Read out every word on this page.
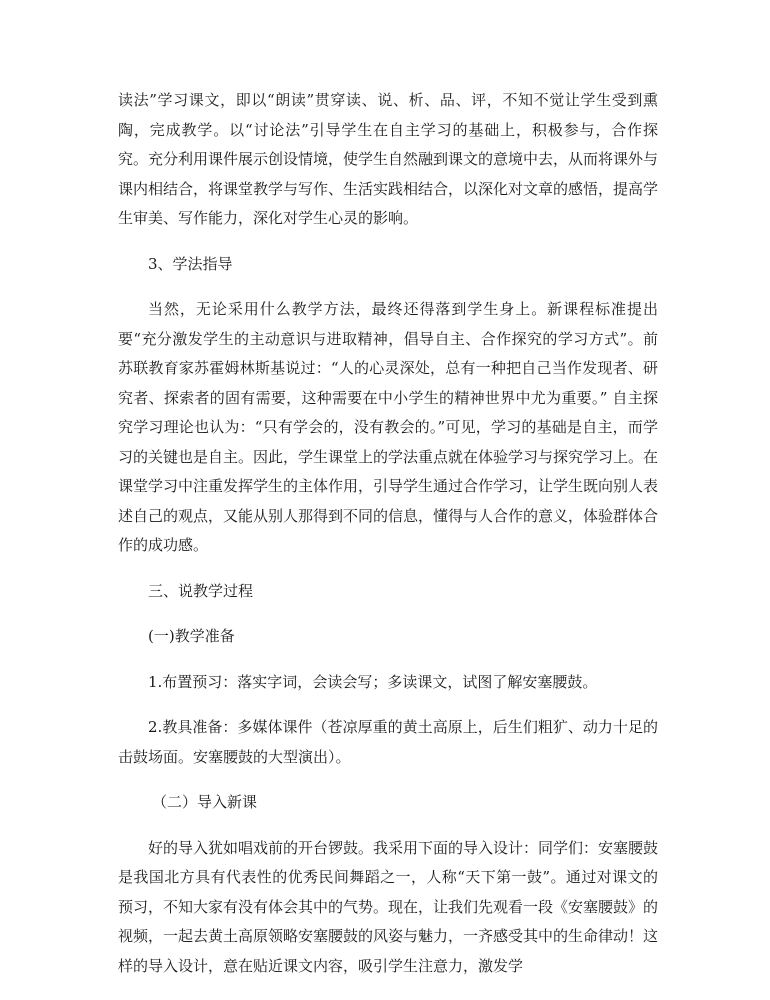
读法”学习课文，即以“朗读”贯穿读、说、析、品、评，不知不觉让学生受到熏陶，完成教学。以“讨论法”引导学生在自主学习的基础上，积极参与，合作探究。充分利用课件展示创设情境，使学生自然融到课文的意境中去，从而将课外与课内相结合，将课堂教学与写作、生活实践相结合，以深化对文章的感悟，提高学生审美、写作能力，深化对学生心灵的影响。

3、学法指导

当然，无论采用什么教学方法，最终还得落到学生身上。新课程标准提出要“充分激发学生的主动意识与进取精神，倡导自主、合作探究的学习方式”。前苏联教育家苏霍姆林斯基说过：“人的心灵深处，总有一种把自己当作发现者、研究者、探索者的固有需要，这种需要在中小学生的精神世界中尤为重要。” 自主探究学习理论也认为：“只有学会的，没有教会的。”可见，学习的基础是自主，而学习的关键也是自主。因此，学生课堂上的学法重点就在体验学习与探究学习上。在课堂学习中注重发挥学生的主体作用，引导学生通过合作学习，让学生既向别人表述自己的观点，又能从别人那得到不同的信息，懂得与人合作的意义，体验群体合作的成功感。

三、说教学过程

(一)教学准备

1.布置预习：落实字词，会读会写；多读课文，试图了解安塞腰鼓。

2.教具准备：多媒体课件（苍凉厚重的黄土高原上，后生们粗犷、动力十足的击鼓场面。安塞腰鼓的大型演出）。

（二）导入新课

好的导入犹如唱戏前的开台锣鼓。我采用下面的导入设计：同学们：安塞腰鼓是我国北方具有代表性的优秀民间舞蹈之一，人称“天下第一鼓”。通过对课文的预习，不知大家有没有体会其中的气势。现在，让我们先观看一段《安塞腰鼓》的视频，一起去黄土高原领略安塞腰鼓的风姿与魅力，一齐感受其中的生命律动！这样的导入设计，意在贴近课文内容，吸引学生注意力，激发学
